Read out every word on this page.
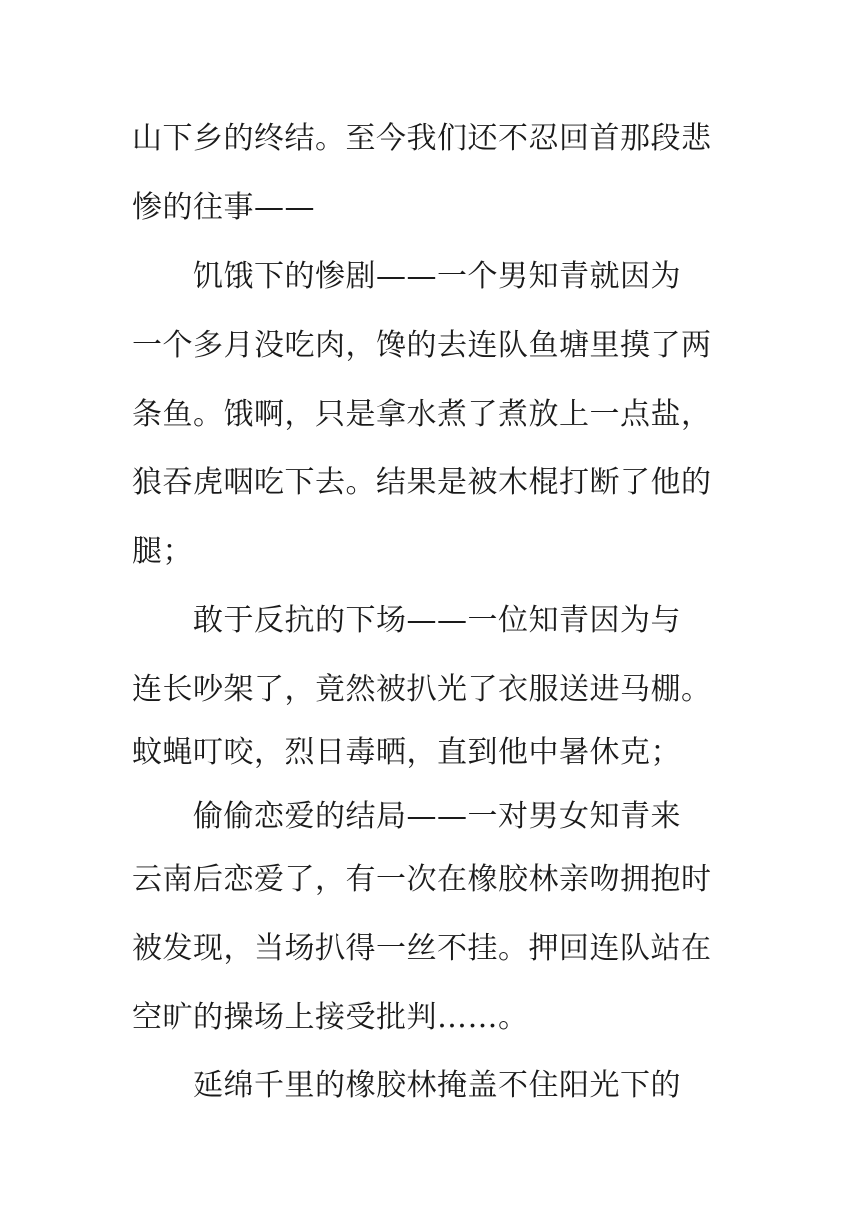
山下乡的终结。至今我们还不忍回首那段悲
惨的往事——
饥饿下的惨剧——一个男知青就因为
一个多月没吃肉，馋的去连队鱼塘里摸了两
条鱼。饿啊，只是拿水煮了煮放上一点盐，
狼吞虎咽吃下去。结果是被木棍打断了他的
腿；
敢于反抗的下场——一位知青因为与
连长吵架了，竟然被扒光了衣服送进马棚。
蚊蝇叮咬，烈日毒晒，直到他中暑休克；
偷偷恋爱的结局——一对男女知青来
云南后恋爱了，有一次在橡胶林亲吻拥抱时
被发现，当场扒得一丝不挂。押回连队站在
空旷的操场上接受批判……。
延绵千里的橡胶林掩盖不住阳光下的
